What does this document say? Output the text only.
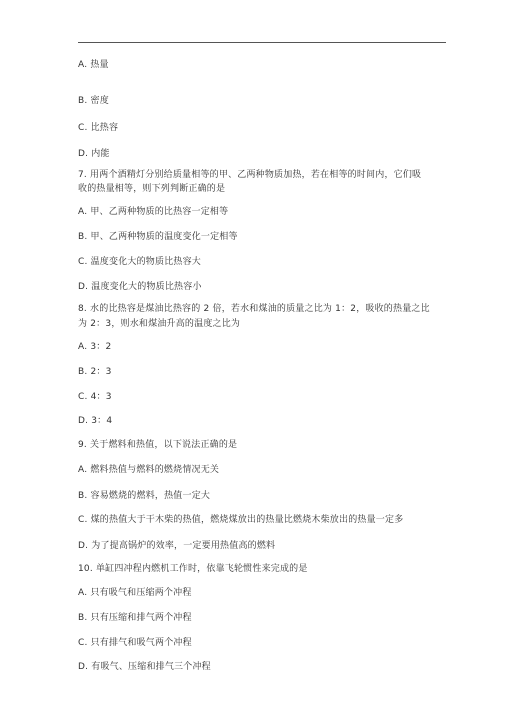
A. 热量
B. 密度
C. 比热容
D. 内能
7. 用两个酒精灯分别给质量相等的甲、乙两种物质加热，若在相等的时间内，它们吸
收的热量相等，则下列判断正确的是
A. 甲、乙两种物质的比热容一定相等
B. 甲、乙两种物质的温度变化一定相等
C. 温度变化大的物质比热容大
D. 温度变化大的物质比热容小
8. 水的比热容是煤油比热容的 2 倍，若水和煤油的质量之比为 1：2，吸收的热量之比
为 2：3，则水和煤油升高的温度之比为
A. 3：2
B. 2：3
C. 4：3
D. 3：4
9. 关于燃料和热值，以下说法正确的是
A. 燃料热值与燃料的燃烧情况无关
B. 容易燃烧的燃料，热值一定大
C. 煤的热值大于干木柴的热值，燃烧煤放出的热量比燃烧木柴放出的热量一定多
D. 为了提高锅炉的效率，一定要用热值高的燃料
10. 单缸四冲程内燃机工作时，依靠飞轮惯性来完成的是
A. 只有吸气和压缩两个冲程
B. 只有压缩和排气两个冲程
C. 只有排气和吸气两个冲程
D. 有吸气、压缩和排气三个冲程
